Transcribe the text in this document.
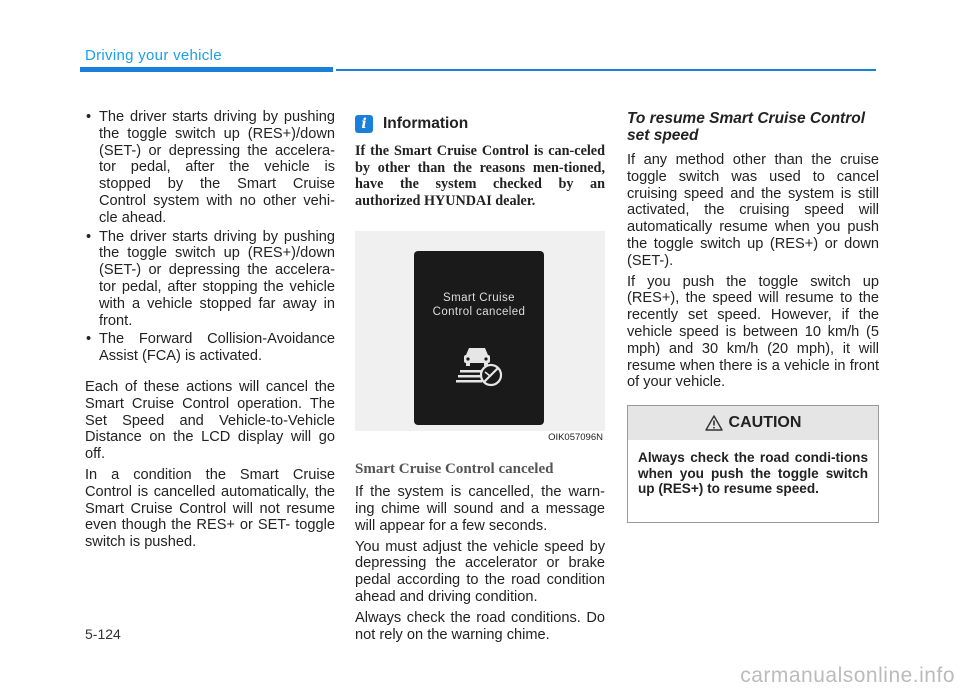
Driving your vehicle
• The driver starts driving by pushing the toggle switch up (RES+)/down (SET-) or depressing the accelera-tor pedal, after the vehicle is stopped by the Smart Cruise Control system with no other vehi-cle ahead.
• The driver starts driving by pushing the toggle switch up (RES+)/down (SET-) or depressing the accelera-tor pedal, after stopping the vehicle with a vehicle stopped far away in front.
• The Forward Collision-Avoidance Assist (FCA) is activated.

Each of these actions will cancel the Smart Cruise Control operation. The Set Speed and Vehicle-to-Vehicle Distance on the LCD display will go off.

In a condition the Smart Cruise Control is cancelled automatically, the Smart Cruise Control will not resume even though the RES+ or SET- toggle switch is pushed.

i	Information
If the Smart Cruise Control is can-celed by other than the reasons men-tioned, have the system checked by an authorized HYUNDAI dealer.
Smart Cruise
Control canceled
OIK057096N
Smart Cruise Control canceled

If the system is cancelled, the warn-ing chime will sound and a message will appear for a few seconds.

You must adjust the vehicle speed by depressing the accelerator or brake pedal according to the road condition ahead and driving condition.

Always check the road conditions. Do not rely on the warning chime.

To resume Smart Cruise Control set speed

If any method other than the cruise toggle switch was used to cancel cruising speed and the system is still activated, the cruising speed will automatically resume when you push the toggle switch up (RES+) or down (SET-).

If you push the toggle switch up (RES+), the speed will resume to the recently set speed. However, if the vehicle speed is between 10 km/h (5 mph) and 30 km/h (20 mph), it will resume when there is a vehicle in front of your vehicle.

CAUTION
Always check the road condi-tions when you push the toggle switch up (RES+) to resume speed.
5-124
carmanualsonline.info
